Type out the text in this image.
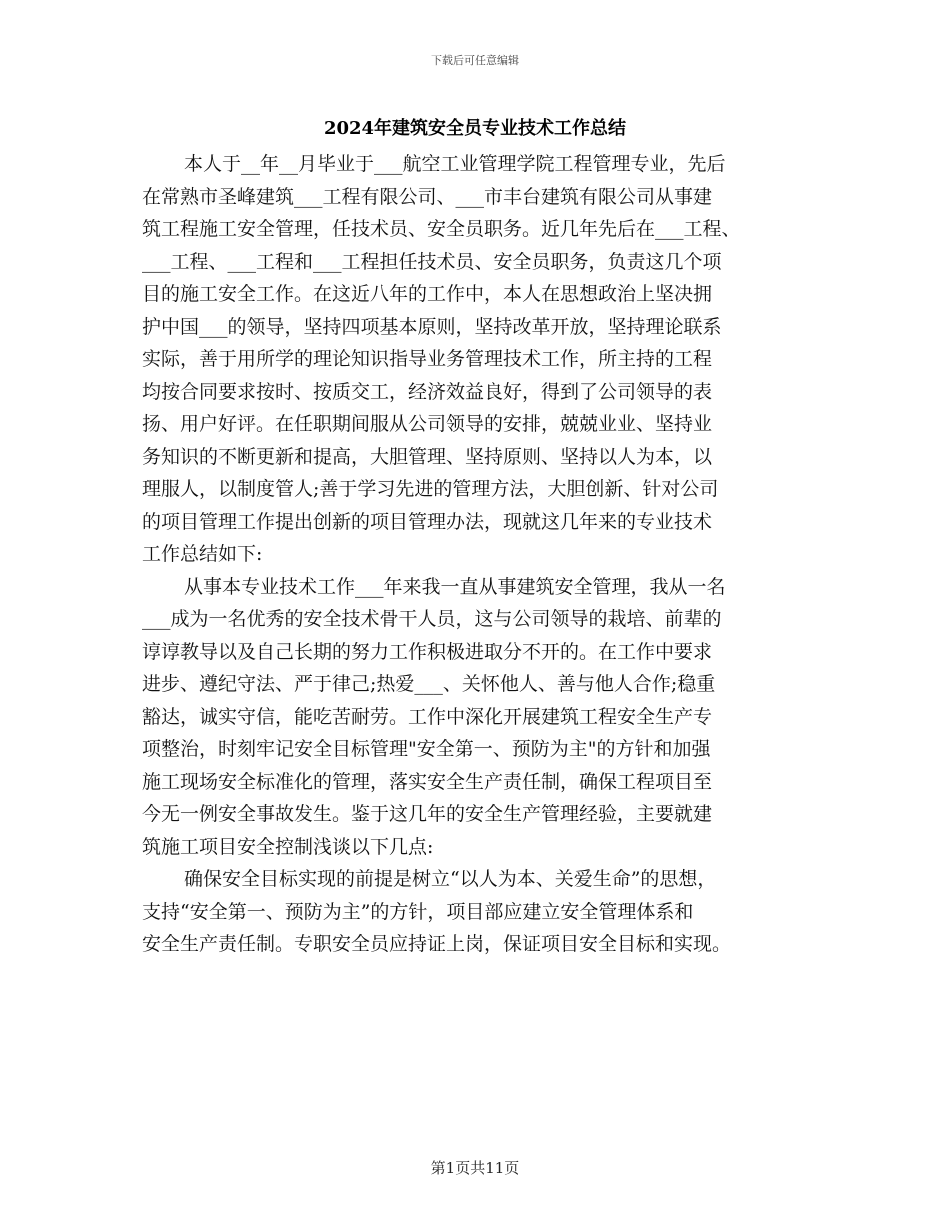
下载后可任意编辑
2024年建筑安全员专业技术工作总结
本人于__年__月毕业于___航空工业管理学院工程管理专业，先后
在常熟市圣峰建筑___工程有限公司、___市丰台建筑有限公司从事建
筑工程施工安全管理，任技术员、安全员职务。近几年先后在___工程、
___工程、___工程和___工程担任技术员、安全员职务，负责这几个项
目的施工安全工作。在这近八年的工作中，本人在思想政治上坚决拥
护中国___的领导，坚持四项基本原则，坚持改革开放，坚持理论联系
实际，善于用所学的理论知识指导业务管理技术工作，所主持的工程
均按合同要求按时、按质交工，经济效益良好，得到了公司领导的表
扬、用户好评。在任职期间服从公司领导的安排，兢兢业业、坚持业
务知识的不断更新和提高，大胆管理、坚持原则、坚持以人为本，以
理服人，以制度管人;善于学习先进的管理方法，大胆创新、针对公司
的项目管理工作提出创新的项目管理办法，现就这几年来的专业技术
工作总结如下:
从事本专业技术工作___年来我一直从事建筑安全管理，我从一名
___成为一名优秀的安全技术骨干人员，这与公司领导的栽培、前辈的
谆谆教导以及自己长期的努力工作积极进取分不开的。在工作中要求
进步、遵纪守法、严于律己;热爱___、关怀他人、善与他人合作;稳重
豁达，诚实守信，能吃苦耐劳。工作中深化开展建筑工程安全生产专
项整治，时刻牢记安全目标管理"安全第一、预防为主"的方针和加强
施工现场安全标准化的管理，落实安全生产责任制，确保工程项目至
今无一例安全事故发生。鉴于这几年的安全生产管理经验，主要就建
筑施工项目安全控制浅谈以下几点:
确保安全目标实现的前提是树立“以人为本、关爱生命”的思想，
支持“安全第一、预防为主”的方针，项目部应建立安全管理体系和
安全生产责任制。专职安全员应持证上岗，保证项目安全目标和实现。
第1页共11页
